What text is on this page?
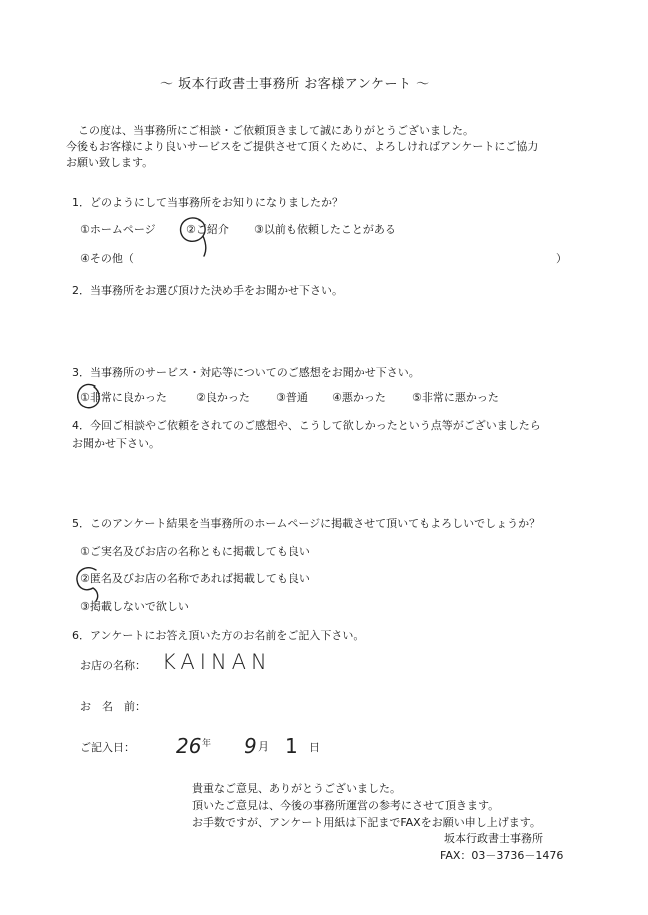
〜 坂本行政書士事務所 お客様アンケート 〜
この度は、当事務所にご相談・ご依頼頂きまして誠にありがとうございました。
今後もお客様により良いサービスをご提供させて頂くために、よろしければアンケートにご協力
お願い致します。
1．どのようにして当事務所をお知りになりましたか？
①ホームページ	②ご紹介 ③以前も依頼したことがある
④その他（	）
2．当事務所をお選び頂けた決め手をお聞かせ下さい。
3．当事務所のサービス・対応等についてのご感想をお聞かせ下さい。
①非常に良かった	②良かった ③普通 ④悪かった ⑤非常に悪かった
4．今回ご相談やご依頼をされてのご感想や、こうして欲しかったという点等がございましたら
お聞かせ下さい。
5．このアンケート結果を当事務所のホームページに掲載させて頂いてもよろしいでしょうか？
①ご実名及びお店の名称ともに掲載しても良い
②匿名及びお店の名称であれば掲載しても良い
③掲載しないで欲しい
6．アンケートにお答え頂いた方のお名前をご記入下さい。
お店の名称： KAINAN
お　名　前：
ご記入日： 26 年 9 月 1 日
貴重なご意見、ありがとうございました。
頂いたご意見は、今後の事務所運営の参考にさせて頂きます。
お手数ですが、アンケート用紙は下記までFAXをお願い申し上げます。
坂本行政書士事務所
FAX：03－3736－1476
